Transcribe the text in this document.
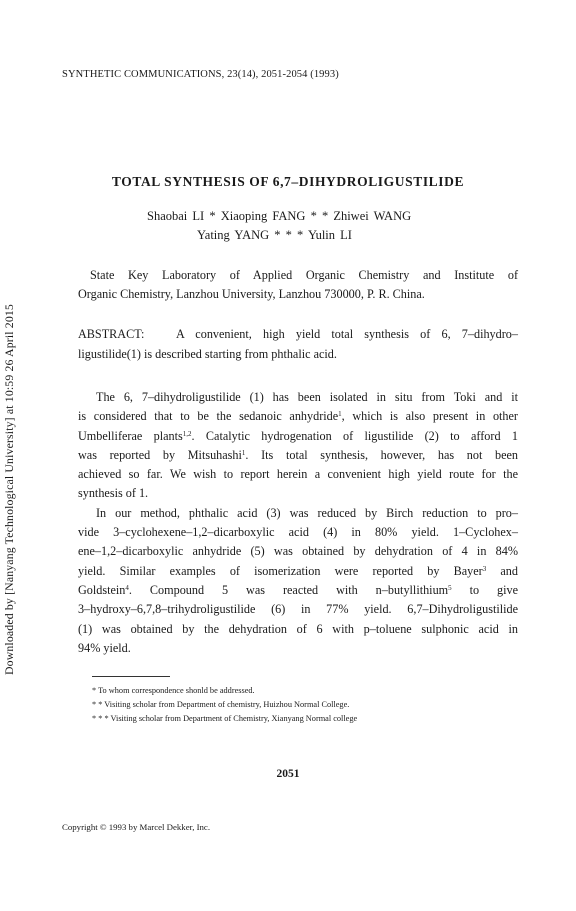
SYNTHETIC COMMUNICATIONS, 23(14), 2051-2054 (1993)
TOTAL SYNTHESIS OF 6,7–DIHYDROLIGUSTILIDE
Shaobai LI * Xiaoping FANG * * Zhiwei WANG
Yating YANG * * * Yulin LI
State Key Laboratory of Applied Organic Chemistry and Institute of
Organic Chemistry, Lanzhou University, Lanzhou 730000, P. R. China.
ABSTRACT:	A convenient, high yield total synthesis of 6, 7–dihydro–
ligustilide(1) is described starting from phthalic acid.
The 6, 7–dihydroligustilide (1) has been isolated in situ from Toki and it
is considered that to be the sedanoic anhydride$^1$, which is also present in other
Umbelliferae plants$^{1,2}$. Catalytic hydrogenation of ligustilide (2) to afford 1
was reported by Mitsuhashi$^1$. Its total synthesis, however, has not been
achieved so far. We wish to report herein a convenient high yield route for the
synthesis of 1.
In our method, phthalic acid (3) was reduced by Birch reduction to pro–
vide 3–cyclohexene–1,2–dicarboxylic acid (4) in 80% yield. 1–Cyclohex–
ene–1,2–dicarboxylic anhydride (5) was obtained by dehydration of 4 in 84%
yield. Similar examples of isomerization were reported by Bayer$^3$ and
Goldstein$^4$. Compound 5 was reacted with n–butyllithium$^5$ to give
3–hydroxy–6,7,8–trihydroligustilide (6) in 77% yield. 6,7–Dihydroligustilide
(1) was obtained by the dehydration of 6 with p–toluene sulphonic acid in
94% yield.
* To whom correspondence shonld be addressed.
* * Visiting scholar from Department of chemistry, Huizhou Normal College.
* * * Visiting scholar from Department of Chemistry, Xianyang Normal college
2051
Copyright © 1993 by Marcel Dekker, Inc.
Downloaded by [Nanyang Technological University] at 10:59 26 April 2015
